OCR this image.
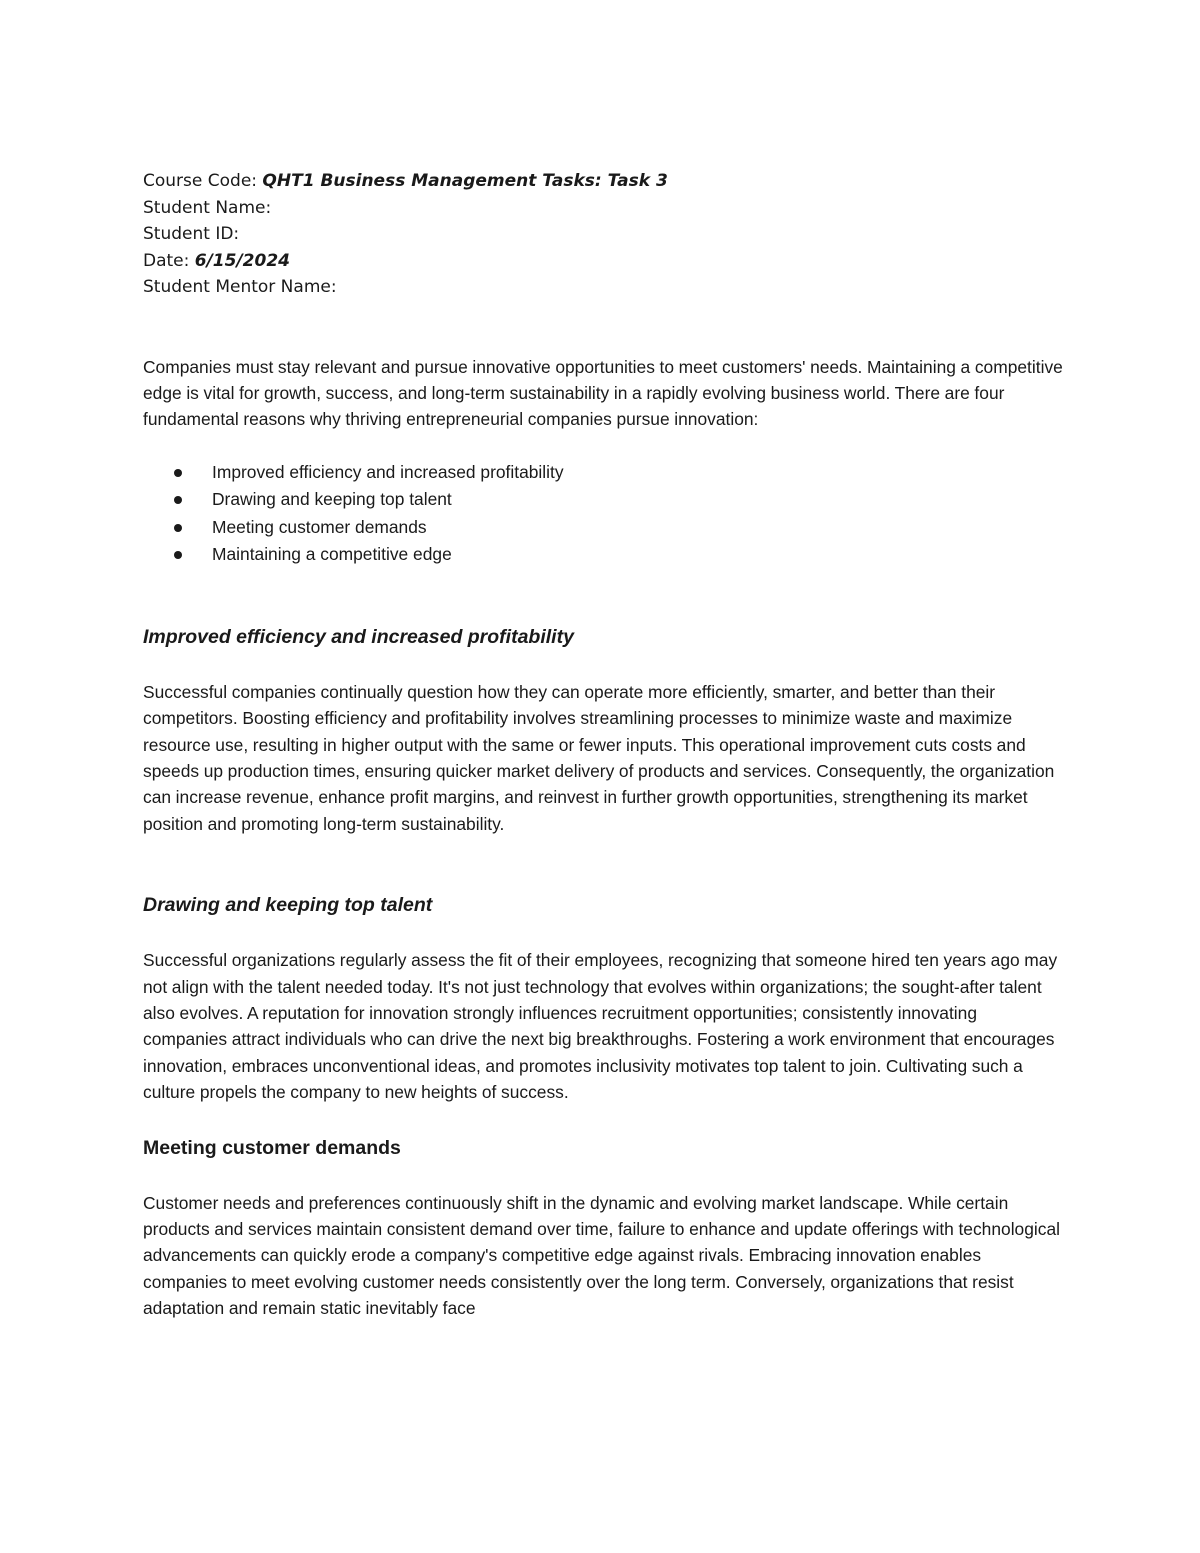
Course Code: QHT1 Business Management Tasks: Task 3
Student Name:
Student ID:
Date: 6/15/2024
Student Mentor Name:

Companies must stay relevant and pursue innovative opportunities to meet customers' needs. Maintaining a competitive edge is vital for growth, success, and long-term sustainability in a rapidly evolving business world. There are four fundamental reasons why thriving entrepreneurial companies pursue innovation:

Improved efficiency and increased profitability
Drawing and keeping top talent
Meeting customer demands
Maintaining a competitive edge
Improved efficiency and increased profitability

Successful companies continually question how they can operate more efficiently, smarter, and better than their competitors. Boosting efficiency and profitability involves streamlining processes to minimize waste and maximize resource use, resulting in higher output with the same or fewer inputs. This operational improvement cuts costs and speeds up production times, ensuring quicker market delivery of products and services. Consequently, the organization can increase revenue, enhance profit margins, and reinvest in further growth opportunities, strengthening its market position and promoting long-term sustainability.

Drawing and keeping top talent

Successful organizations regularly assess the fit of their employees, recognizing that someone hired ten years ago may not align with the talent needed today. It's not just technology that evolves within organizations; the sought-after talent also evolves. A reputation for innovation strongly influences recruitment opportunities; consistently innovating companies attract individuals who can drive the next big breakthroughs. Fostering a work environment that encourages innovation, embraces unconventional ideas, and promotes inclusivity motivates top talent to join. Cultivating such a culture propels the company to new heights of success.

Meeting customer demands

Customer needs and preferences continuously shift in the dynamic and evolving market landscape. While certain products and services maintain consistent demand over time, failure to enhance and update offerings with technological advancements can quickly erode a company's competitive edge against rivals. Embracing innovation enables companies to meet evolving customer needs consistently over the long term. Conversely, organizations that resist adaptation and remain static inevitably face
